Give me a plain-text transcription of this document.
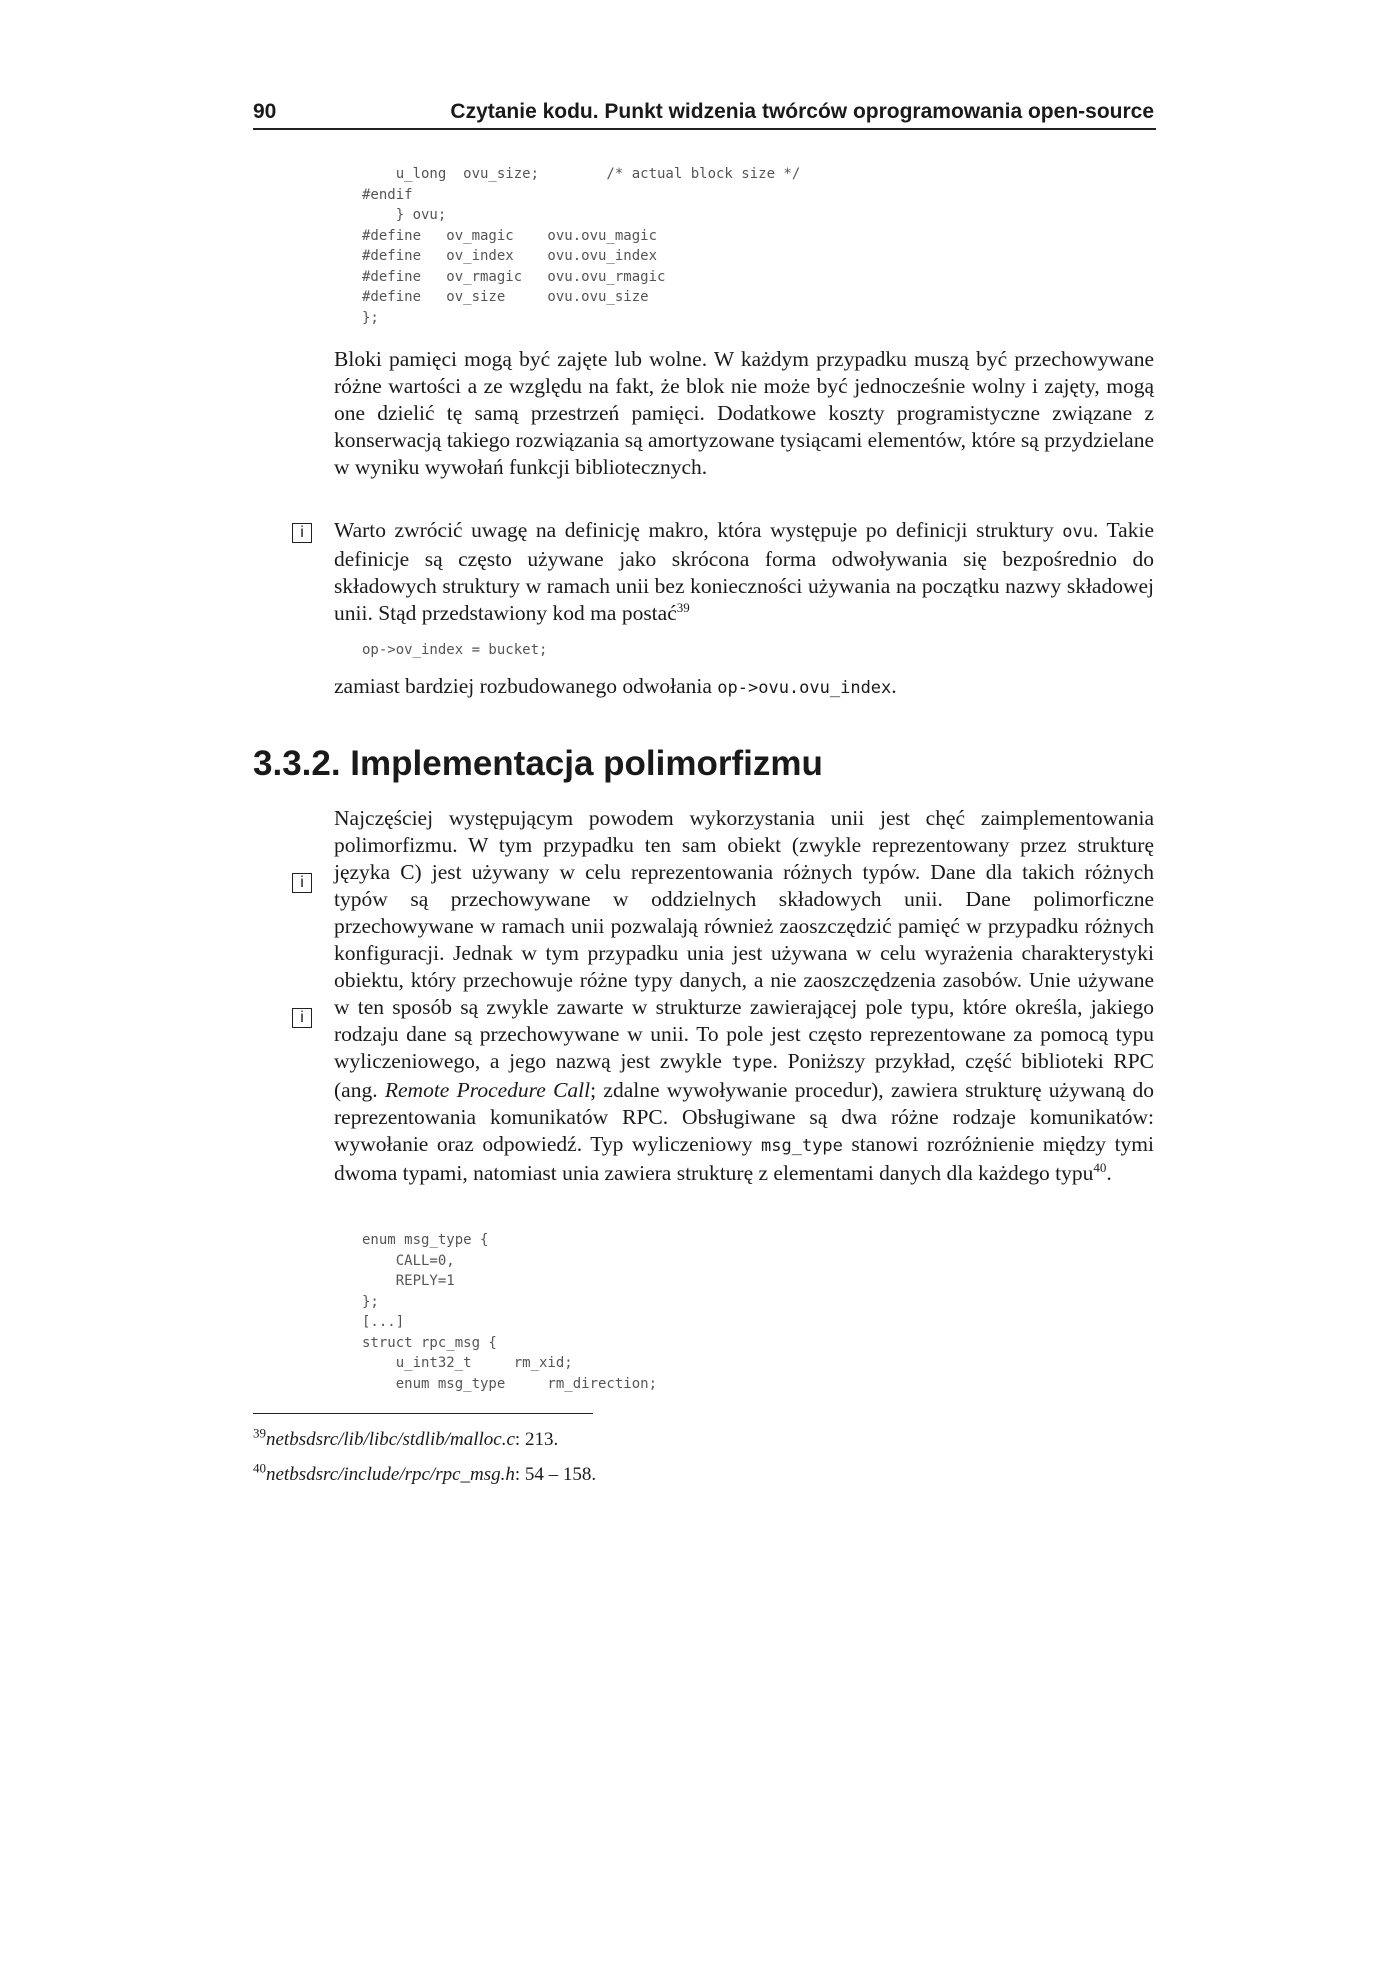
90	Czytanie kodu. Punkt widzenia twórców oprogramowania open-source
u_long  ovu_size;        /* actual block size */
#endif
} ovu;
#define   ov_magic    ovu.ovu_magic
#define   ov_index    ovu.ovu_index
#define   ov_rmagic   ovu.ovu_rmagic
#define   ov_size     ovu.ovu_size
};

Bloki pamięci mogą być zajęte lub wolne. W każdym przypadku muszą być przechowywane różne wartości a ze względu na fakt, że blok nie może być jednocześnie wolny i zajęty, mogą one dzielić tę samą przestrzeń pamięci. Dodatkowe koszty programistyczne związane z konserwacją takiego rozwiązania są amortyzowane tysiącami elementów, które są przydzielane w wyniku wywołań funkcji bibliotecznych.

i	Warto zwrócić uwagę na definicję makro, która występuje po definicji struktury ovu. Takie definicje są często używane jako skrócona forma odwoływania się bezpośrednio do składowych struktury w ramach unii bez konieczności używania na początku nazwy składowej unii. Stąd przedstawiony kod ma postać$^{39}$

op->ov_index = bucket;

zamiast bardziej rozbudowanego odwołania op->ovu.ovu_index.

3.3.2. Implementacja polimorfizmu
i
i

Najczęściej występującym powodem wykorzystania unii jest chęć zaimplementowania polimorfizmu. W tym przypadku ten sam obiekt (zwykle reprezentowany przez strukturę języka C) jest używany w celu reprezentowania różnych typów. Dane dla takich różnych typów są przechowywane w oddzielnych składowych unii. Dane polimorficzne przechowywane w ramach unii pozwalają również zaoszczędzić pamięć w przypadku różnych konfiguracji. Jednak w tym przypadku unia jest używana w celu wyrażenia charakterystyki obiektu, który przechowuje różne typy danych, a nie zaoszczędzenia zasobów. Unie używane w ten sposób są zwykle zawarte w strukturze zawierającej pole typu, które określa, jakiego rodzaju dane są przechowywane w unii. To pole jest często reprezentowane za pomocą typu wyliczeniowego, a jego nazwą jest zwykle type. Poniższy przykład, część biblioteki RPC (ang. Remote Procedure Call; zdalne wywoływanie procedur), zawiera strukturę używaną do reprezentowania komunikatów RPC. Obsługiwane są dwa różne rodzaje komunikatów: wywołanie oraz odpowiedź. Typ wyliczeniowy msg_type stanowi rozróżnienie między tymi dwoma typami, natomiast unia zawiera strukturę z elementami danych dla każdego typu$^{40}$.

enum msg_type {
CALL=0,
REPLY=1
};
[...]
struct rpc_msg {
u_int32_t     rm_xid;
enum msg_type     rm_direction;

$^{39}$netbsdsrc/lib/libc/stdlib/malloc.c: 213.

$^{40}$netbsdsrc/include/rpc/rpc_msg.h: 54 – 158.
